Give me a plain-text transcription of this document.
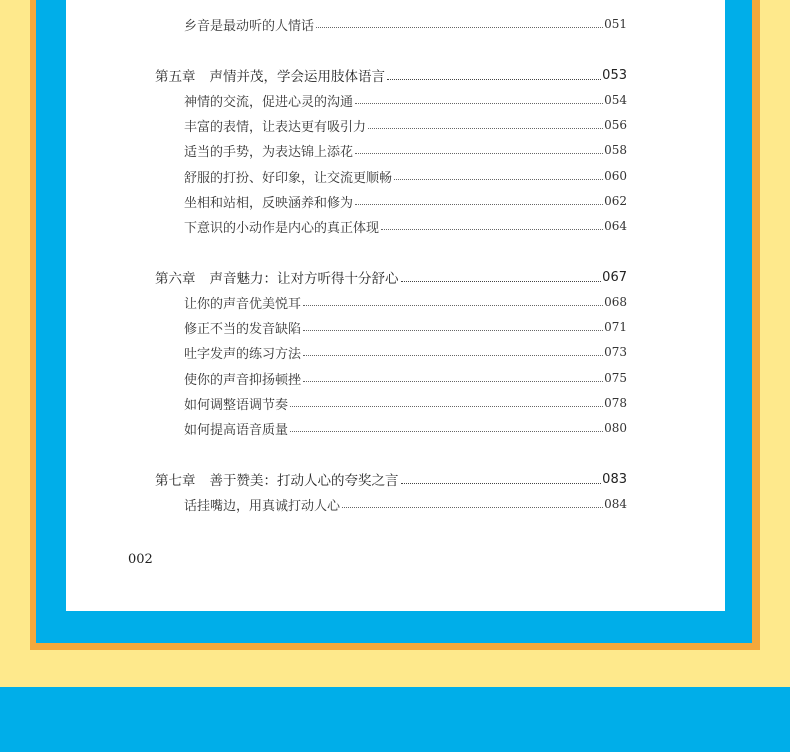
乡音是最动听的人情话	051
第五章 声情并茂，学会运用肢体语言	053
神情的交流，促进心灵的沟通	054
丰富的表情，让表达更有吸引力	056
适当的手势，为表达锦上添花	058
舒服的打扮、好印象，让交流更顺畅	060
坐相和站相，反映涵养和修为	062
下意识的小动作是内心的真正体现	064
第六章 声音魅力：让对方听得十分舒心	067
让你的声音优美悦耳	068
修正不当的发音缺陷	071
吐字发声的练习方法	073
使你的声音抑扬顿挫	075
如何调整语调节奏	078
如何提高语音质量	080
第七章 善于赞美：打动人心的夸奖之言	083
话挂嘴边，用真诚打动人心	084
002
